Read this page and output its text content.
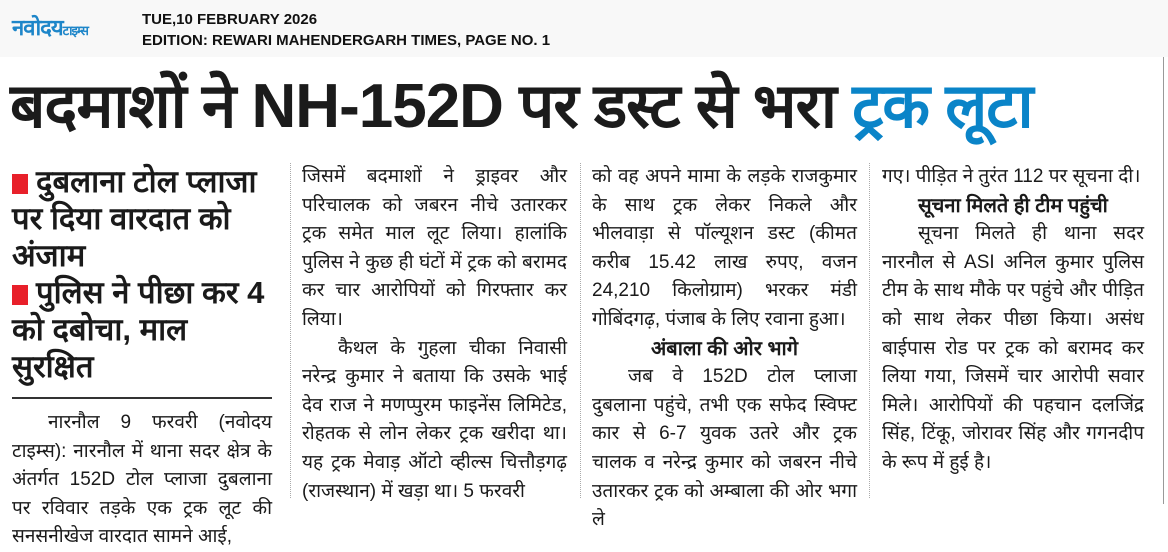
नवोदयटाइम्स
TUE,10 FEBRUARY 2026
EDITION: REWARI MAHENDERGARH TIMES, PAGE NO. 1
बदमाशों ने NH-152D पर डस्ट से भरा ट्रक लूटा

दुबलाना टोल प्लाजा पर दिया वारदात को अंजाम

पुलिस ने पीछा कर 4 को दबोचा, माल सुरक्षित

नारनौल 9 फरवरी (नवोदय टाइम्स): नारनौल में थाना सदर क्षेत्र के अंतर्गत 152D टोल प्लाजा दुबलाना पर रविवार तड़के एक ट्रक लूट की सनसनीखेज वारदात सामने आई,

जिसमें बदमाशों ने ड्राइवर और परिचालक को जबरन नीचे उतारकर ट्रक समेत माल लूट लिया। हालांकि पुलिस ने कुछ ही घंटों में ट्रक को बरामद कर चार आरोपियों को गिरफ्तार कर लिया।

कैथल के गुहला चीका निवासी नरेन्द्र कुमार ने बताया कि उसके भाई देव राज ने मणप्पुरम फाइनेंस लिमिटेड, रोहतक से लोन लेकर ट्रक खरीदा था। यह ट्रक मेवाड़ ऑटो व्हील्स चित्तौड़गढ़ (राजस्थान) में खड़ा था। 5 फरवरी

को वह अपने मामा के लड़के राजकुमार के साथ ट्रक लेकर निकले और भीलवाड़ा से पॉल्यूशन डस्ट (कीमत करीब 15.42 लाख रुपए, वजन 24,210 किलोग्राम) भरकर मंडी गोबिंदगढ़, पंजाब के लिए रवाना हुआ।

अंबाला की ओर भागे

जब वे 152D टोल प्लाजा दुबलाना पहुंचे, तभी एक सफेद स्विफ्ट कार से 6-7 युवक उतरे और ट्रक चालक व नरेन्द्र कुमार को जबरन नीचे उतारकर ट्रक को अम्बाला की ओर भगा ले

गए। पीड़ित ने तुरंत 112 पर सूचना दी।

सूचना मिलते ही टीम पहुंची

सूचना मिलते ही थाना सदर नारनौल से ASI अनिल कुमार पुलिस टीम के साथ मौके पर पहुंचे और पीड़ित को साथ लेकर पीछा किया। असंध बाईपास रोड पर ट्रक को बरामद कर लिया गया, जिसमें चार आरोपी सवार मिले। आरोपियों की पहचान दलजिंद्र सिंह, टिंकू, जोरावर सिंह और गगनदीप के रूप में हुई है।
